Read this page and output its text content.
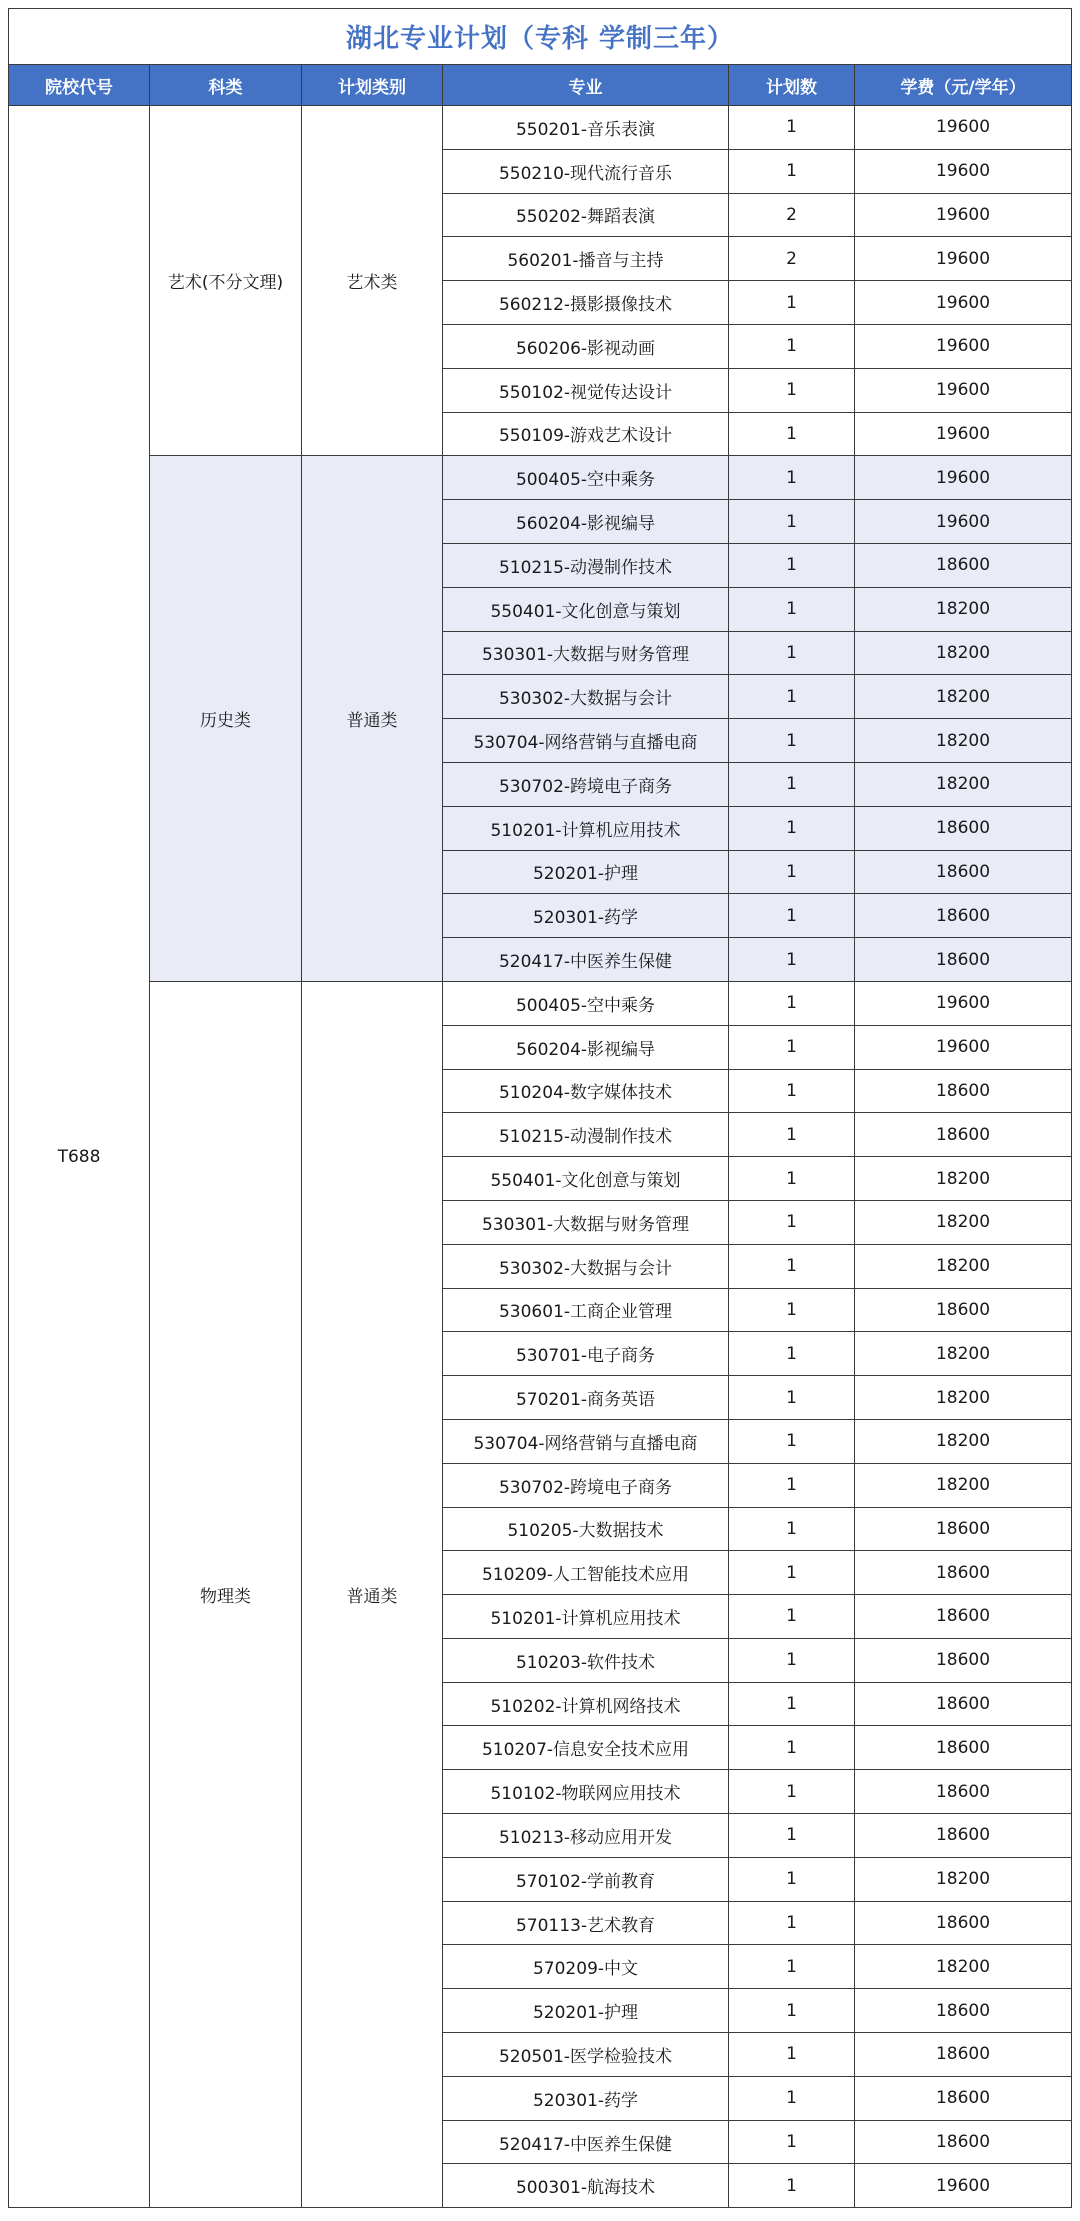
湖北专业计划（专科 学制三年）					
院校代号	科类	计划类别	专业	计划数	学费（元/学年）
T688	艺术(不分文理)	艺术类	550201-音乐表演	1	19600
			550210-现代流行音乐	1	19600
			550202-舞蹈表演	2	19600
			560201-播音与主持	2	19600
			560212-摄影摄像技术	1	19600
			560206-影视动画	1	19600
			550102-视觉传达设计	1	19600
			550109-游戏艺术设计	1	19600
	历史类	普通类	500405-空中乘务	1	19600
			560204-影视编导	1	19600
			510215-动漫制作技术	1	18600
			550401-文化创意与策划	1	18200
			530301-大数据与财务管理	1	18200
			530302-大数据与会计	1	18200
			530704-网络营销与直播电商	1	18200
			530702-跨境电子商务	1	18200
			510201-计算机应用技术	1	18600
			520201-护理	1	18600
			520301-药学	1	18600
			520417-中医养生保健	1	18600
	物理类	普通类	500405-空中乘务	1	19600
			560204-影视编导	1	19600
			510204-数字媒体技术	1	18600
			510215-动漫制作技术	1	18600
			550401-文化创意与策划	1	18200
			530301-大数据与财务管理	1	18200
			530302-大数据与会计	1	18200
			530601-工商企业管理	1	18600
			530701-电子商务	1	18200
			570201-商务英语	1	18200
			530704-网络营销与直播电商	1	18200
			530702-跨境电子商务	1	18200
			510205-大数据技术	1	18600
			510209-人工智能技术应用	1	18600
			510201-计算机应用技术	1	18600
			510203-软件技术	1	18600
			510202-计算机网络技术	1	18600
			510207-信息安全技术应用	1	18600
			510102-物联网应用技术	1	18600
			510213-移动应用开发	1	18600
			570102-学前教育	1	18200
			570113-艺术教育	1	18600
			570209-中文	1	18200
			520201-护理	1	18600
			520501-医学检验技术	1	18600
			520301-药学	1	18600
			520417-中医养生保健	1	18600
			500301-航海技术	1	19600
